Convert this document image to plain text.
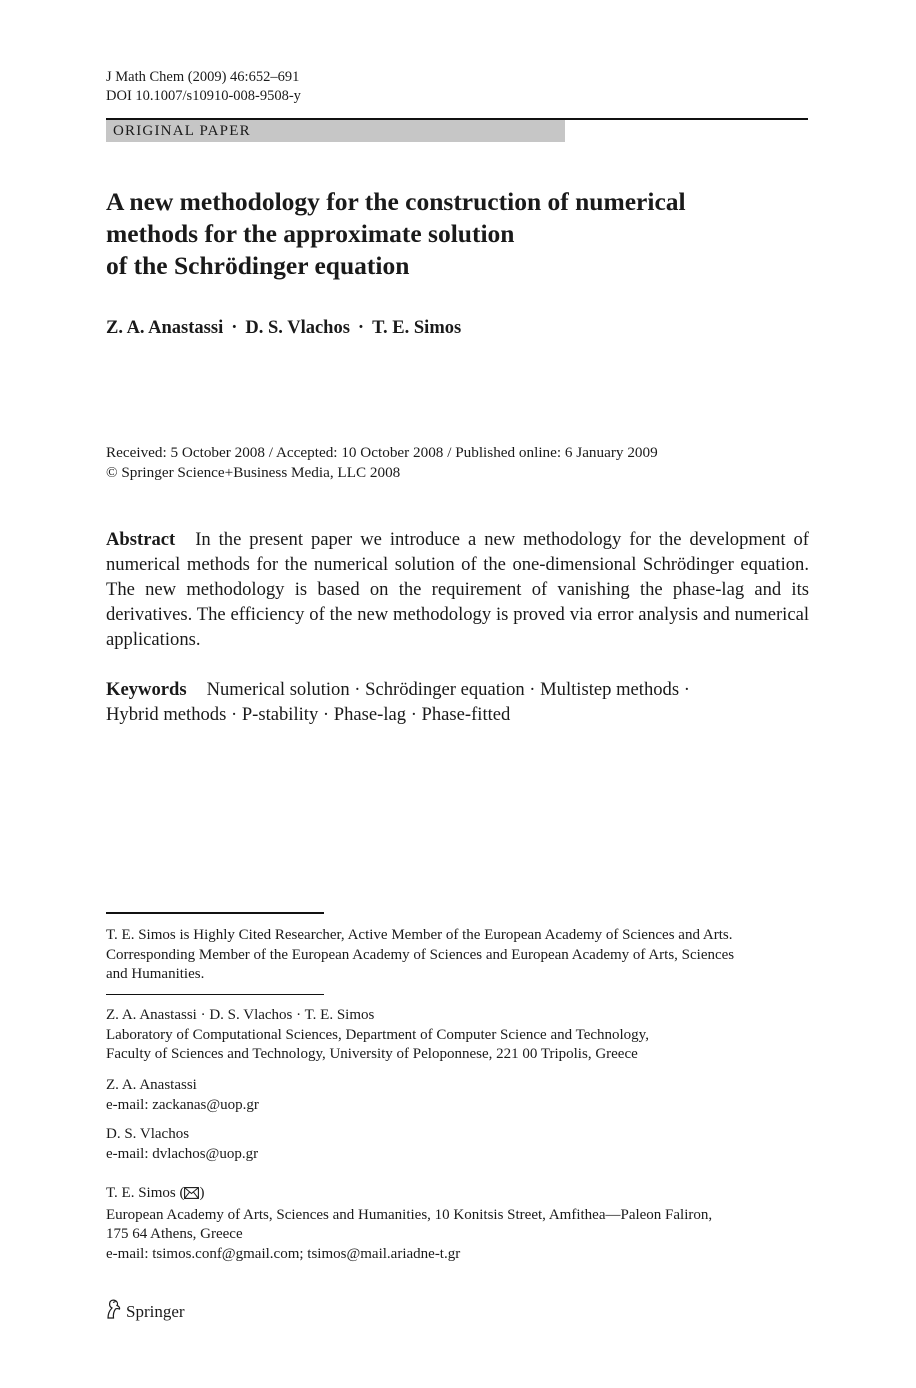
J Math Chem (2009) 46:652–691
DOI 10.1007/s10910-008-9508-y
ORIGINAL PAPER
A new methodology for the construction of numerical
methods for the approximate solution
of the Schrödinger equation
Z. A. Anastassi · D. S. Vlachos · T. E. Simos
Received: 5 October 2008 / Accepted: 10 October 2008 / Published online: 6 January 2009
© Springer Science+Business Media, LLC 2008
Abstract In the present paper we introduce a new methodology for the development of numerical methods for the numerical solution of the one-dimensional Schrödinger equation. The new methodology is based on the requirement of vanishing the phase-lag and its derivatives. The efficiency of the new methodology is proved via error analysis and numerical applications.
Keywords Numerical solution · Schrödinger equation · Multistep methods ·
Hybrid methods · P-stability · Phase-lag · Phase-fitted
T. E. Simos is Highly Cited Researcher, Active Member of the European Academy of Sciences and Arts.
Corresponding Member of the European Academy of Sciences and European Academy of Arts, Sciences
and Humanities.
Z. A. Anastassi · D. S. Vlachos · T. E. Simos
Laboratory of Computational Sciences, Department of Computer Science and Technology,
Faculty of Sciences and Technology, University of Peloponnese, 221 00 Tripolis, Greece
Z. A. Anastassi
e-mail: zackanas@uop.gr
D. S. Vlachos
e-mail: dvlachos@uop.gr
T. E. Simos ( )
European Academy of Arts, Sciences and Humanities, 10 Konitsis Street, Amfithea—Paleon Faliron,
175 64 Athens, Greece
e-mail: tsimos.conf@gmail.com; tsimos@mail.ariadne-t.gr
Springer
